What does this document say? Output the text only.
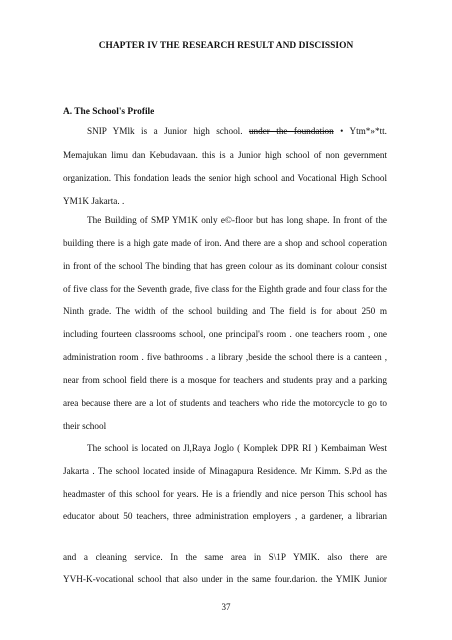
CHAPTER IV THE RESEARCH RESULT AND DISCISSION
A. The School's Profile
SNIP YMlk is a Junior high school. under the foundation • Ytm*»*tt.
Memajukan limu dan Kebudavaan. this is a Junior high school of non gevernment
organization. This fondation leads the senior high school and Vocational High School
YM1K Jakarta. .
The Building of SMP YM1K only e©-floor but has long shape. In front of the
building there is a high gate made of iron. And there are a shop and school coperation
in front of the school The binding that has green colour as its dominant colour consist
of five class for the Seventh grade, five class for the Eighth grade and four class for the
Ninth grade. The width of the school building and The field is for about 250 m
including fourteen classrooms school, one principal's room . one teachers room , one
administration room . five bathrooms . a library ,beside the school there is a canteen ,
near from school field there is a mosque for teachers and students pray and a parking
area because there are a lot of students and teachers who ride the motorcycle to go to
their school
The school is located on Jl,Raya Joglo ( Komplek DPR RI ) Kembaiman West
Jakarta . The school located inside of Minagapura Residence. Mr Kimm. S.Pd as the
headmaster of this school for years. He is a friendly and nice person This school has
educator about 50 teachers, three administration employers , a gardener, a librarian
and a cleaning service. In the same area in S\1P YMIK. also there are
YVH-K-vocational school that also under in the same four.darion. the YMIK Junior
37
